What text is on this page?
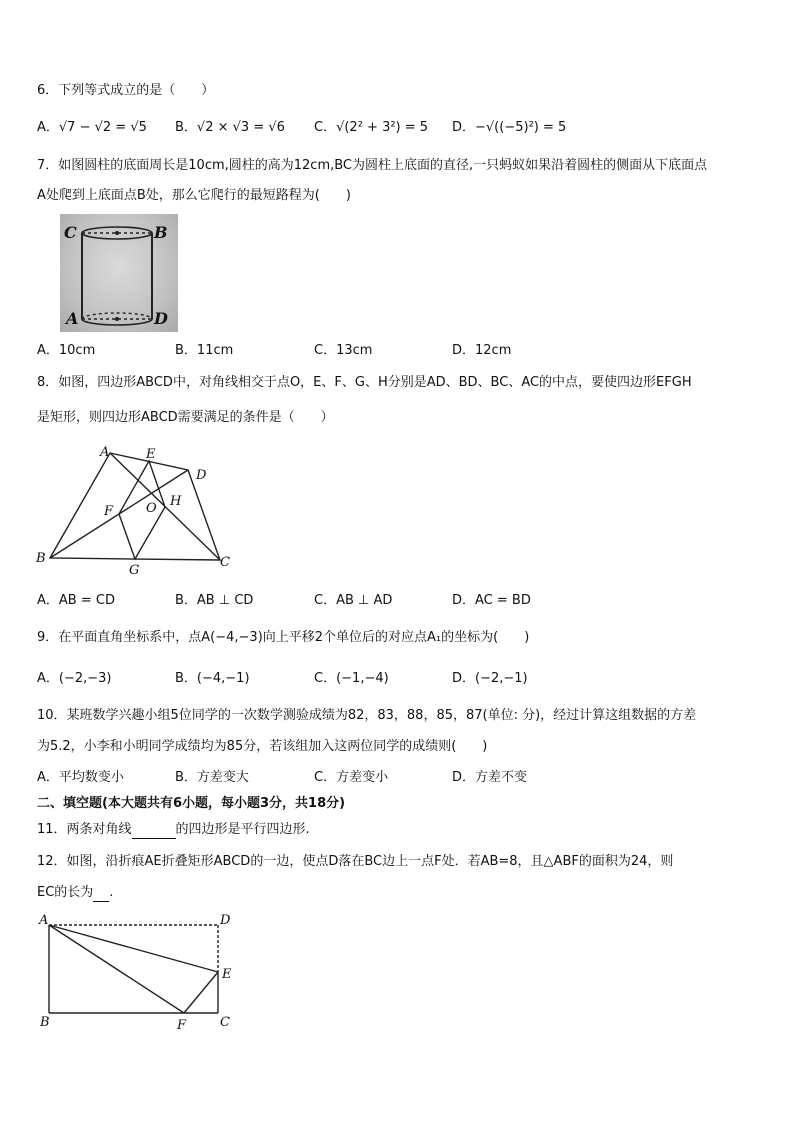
6．下列等式成立的是（　　）
A．√7 − √2 = √5 B．√2 × √3 = √6 C．√(2² + 3²) = 5 D．−√((−5)²) = 5
7．如图圆柱的底面周长是10cm,圆柱的高为12cm,BC为圆柱上底面的直径,一只蚂蚁如果沿着圆柱的侧面从下底面点
A处爬到上底面点B处，那么它爬行的最短路程为(　　)
C	B
A	D
A．10cm	B．11cm	C．13cm	D．12cm
8．如图，四边形ABCD中，对角线相交于点O，E、F、G、H分别是AD、BD、BC、AC的中点，要使四边形EFGH
是矩形，则四边形ABCD需要满足的条件是（　　）
A	E
D
F	O H
B
G
C
A．AB = CD	B．AB ⊥ CD	C．AB ⊥ AD	D．AC = BD
9．在平面直角坐标系中，点A(−4,−3)向上平移2个单位后的对应点A₁的坐标为(　　)
A．(−2,−3)	B．(−4,−1)	C．(−1,−4)	D．(−2,−1)
10．某班数学兴趣小组5位同学的一次数学测验成绩为82，83，88，85，87(单位: 分)，经过计算这组数据的方差
为5.2，小李和小明同学成绩均为85分，若该组加入这两位同学的成绩则(　　)
A．平均数变小	B．方差变大	C．方差变小	D．方差不变
二、填空题(本大题共有6小题，每小题3分，共18分)
11．两条对角线	的四边形是平行四边形.
12．如图，沿折痕AE折叠矩形ABCD的一边，使点D落在BC边上一点F处．若AB=8，且△ABF的面积为24，则
EC的长为 .
A	D
E
B	F	C
